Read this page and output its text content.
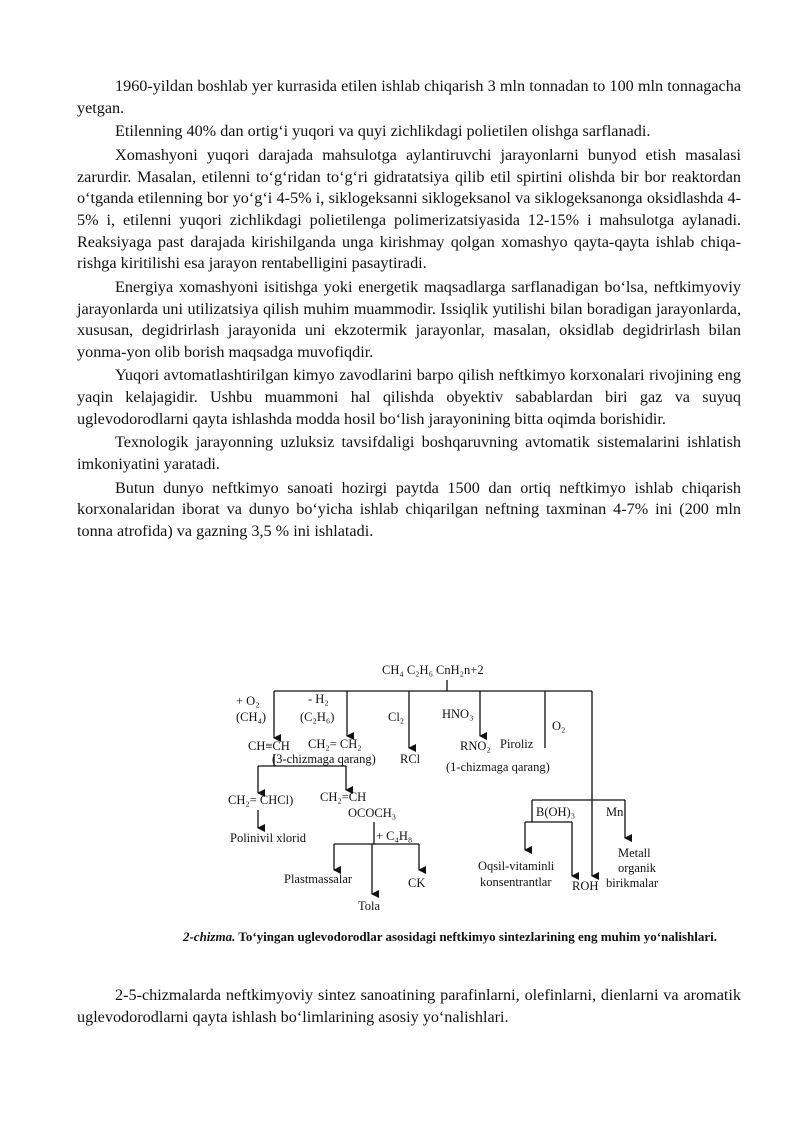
1960-yildan boshlab yer kurrasida etilen ishlab chiqarish 3 mln tonnadan to 100 mln tonnagacha yetgan.

Etilenning 40% dan ortig‘i yuqori va quyi zichlikdagi polietilen olishga sarflanadi.

Xomashyoni yuqori darajada mahsulotga aylantiruvchi jarayonlarni bunyod etish masalasi zarurdir. Masalan, etilenni to‘g‘ridan to‘g‘ri gidratatsiya qilib etil spirtini olishda bir bor reaktordan o‘tganda etilenning bor yo‘g‘i 4-5% i, siklogeksanni siklogeksanol va siklogeksanonga oksidlashda 4-5% i, etilenni yuqori zichlikdagi polietilenga polimerizatsiyasida 12-15% i mahsulotga aylanadi. Reaksiyaga past darajada kirishilganda unga kirishmay qolgan xomashyo qayta-qayta ishlab chiqa-rishga kiritilishi esa jarayon rentabelligini pasaytiradi.

Energiya xomashyoni isitishga yoki energetik maqsadlarga sarflanadigan bo‘lsa, neftkimyoviy jarayonlarda uni utilizatsiya qilish muhim muammodir. Issiqlik yutilishi bilan boradigan jarayonlarda, xususan, degidrirlash jarayonida uni ekzotermik jarayonlar, masalan, oksidlab degidrirlash bilan yonma-yon olib borish maqsadga muvofiqdir.

Yuqori avtomatlashtirilgan kimyo zavodlarini barpo qilish neftkimyo korxonalari rivojining eng yaqin kelajagidir. Ushbu muammoni hal qilishda obyektiv sabablardan biri gaz va suyuq uglevodorodlarni qayta ishlashda modda hosil bo‘lish jarayonining bitta oqimda borishidir.

Texnologik jarayonning uzluksiz tavsifdaligi boshqaruvning avtomatik sistemalarini ishlatish imkoniyatini yaratadi.

Butun dunyo neftkimyo sanoati hozirgi paytda 1500 dan ortiq neftkimyo ishlab chiqarish korxonalaridan iborat va dunyo bo‘yicha ishlab chiqarilgan neftning taxminan 4-7% ini (200 mln tonna atrofida) va gazning 3,5 % ini ishlatadi.

CH₄ C₂H₆ CnH₂n+2
+ O₂
(CH₄)
- H₂
(C₂H₆)	Cl₂	HNO₃
O₂
CH≡CH CH₂= CH₂
(3-chizmaga qarang) RCl
RNO₂ Piroliz
(1-chizmaga qarang)
CH₂= CHCl) CH₂=CH
OCOCH₃	B(OH)₃ Mn
Polinivil xlorid	+ C₄H₈
Plastmassalar	CK
Oqsil-vitaminli
konsentrantlar ROH
Metall
organik
birikmalar
Tola
2-chizma. To‘yingan uglevodorodlar asosidagi neftkimyo sintezlarining eng muhim yo‘nalishlari.

2-5-chizmalarda neftkimyoviy sintez sanoatining parafinlarni, olefinlarni, dienlarni va aromatik uglevodorodlarni qayta ishlash bo‘limlarining asosiy yo‘nalishlari.
